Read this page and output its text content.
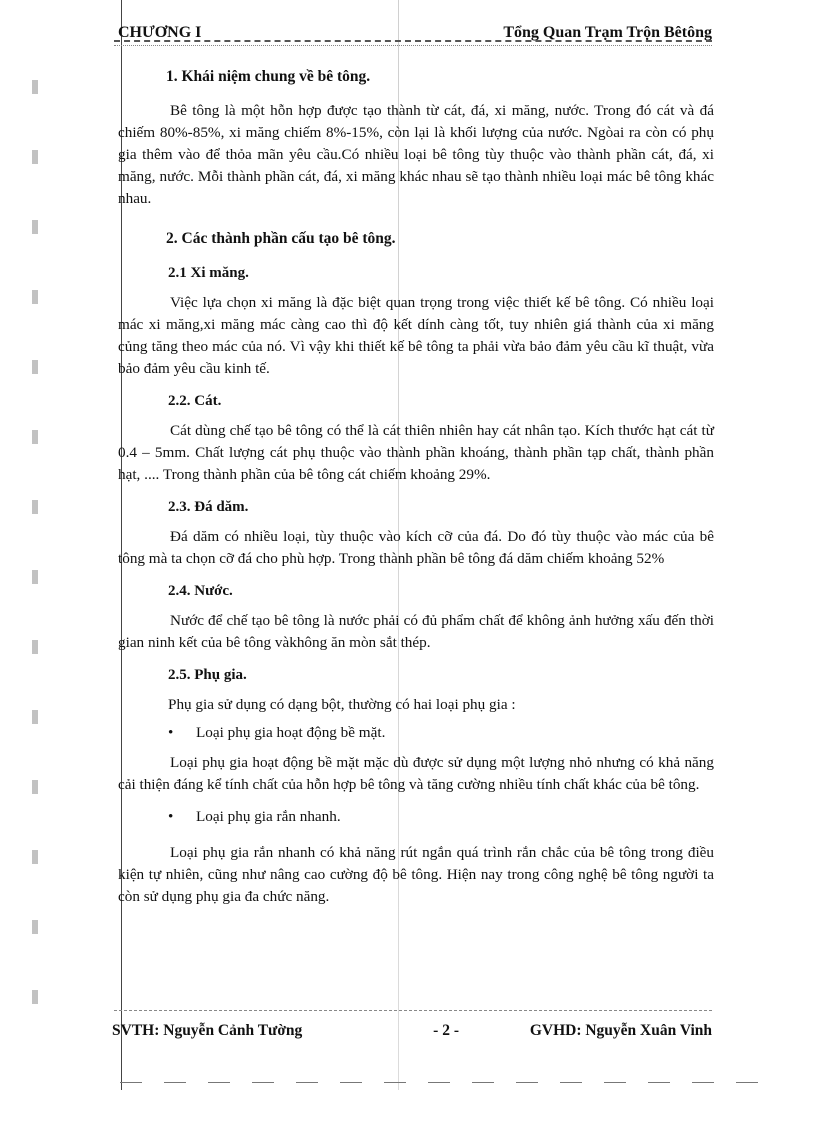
CHƯƠNG I	Tổng Quan Trạm Trộn Bêtông
1. Khái niệm chung về bê tông.

Bê tông là một hỗn hợp được tạo thành từ cát, đá, xi măng, nước. Trong đó cát và đá chiếm 80%-85%, xi măng chiếm 8%-15%, còn lại là khối lượng của nước. Ngòai ra còn có phụ gia thêm vào để thỏa mãn yêu cầu.Có nhiều loại bê tông tùy thuộc vào thành phần cát, đá, xi măng, nước. Mỗi thành phần cát, đá, xi măng khác nhau sẽ tạo thành nhiều loại mác bê tông khác nhau.

2. Các thành phần cấu tạo bê tông.
2.1 Xi măng.

Việc lựa chọn xi măng là đặc biệt quan trọng trong việc thiết kế bê tông. Có nhiều loại mác xi măng,xi măng mác càng cao thì độ kết dính càng tốt, tuy nhiên giá thành của xi măng củng tăng theo mác của nó. Vì vậy khi thiết kế bê tông ta phải vừa bảo đảm yêu cầu kĩ thuật, vừa bảo đảm yêu cầu kinh tế.

2.2. Cát.

Cát dùng chế tạo bê tông có thể là cát thiên nhiên hay cát nhân tạo. Kích thước hạt cát từ 0.4 – 5mm. Chất lượng cát phụ thuộc vào thành phần khoáng, thành phần tạp chất, thành phần hạt, .... Trong thành phần của bê tông cát chiếm khoảng 29%.

2.3. Đá dăm.

Đá dăm có nhiều loại, tùy thuộc vào kích cỡ của đá. Do đó tùy thuộc vào mác của bê tông mà ta chọn cỡ đá cho phù hợp. Trong thành phần bê tông đá dăm chiếm khoảng 52%

2.4. Nước.

Nước để chế tạo bê tông là nước phải có đủ phẩm chất để không ảnh hưởng xấu đến thời gian ninh kết của bê tông vàkhông ăn mòn sắt thép.

2.5. Phụ gia.

Phụ gia sử dụng có dạng bột, thường có hai loại phụ gia :

• Loại phụ gia hoạt động bề mặt.

Loại phụ gia hoạt động bề mặt mặc dù được sử dụng một lượng nhỏ nhưng có khả năng cải thiện đáng kể tính chất của hỗn hợp bê tông và tăng cường nhiều tính chất khác của bê tông.

• Loại phụ gia rắn nhanh.

Loại phụ gia rắn nhanh có khả năng rút ngắn quá trình rắn chắc của bê tông trong điều kiện tự nhiên, cũng như nâng cao cường độ bê tông. Hiện nay trong công nghệ bê tông người ta còn sử dụng phụ gia đa chức năng.

SVTH: Nguyễn Cảnh Tường	- 2 -	GVHD: Nguyễn Xuân Vinh
